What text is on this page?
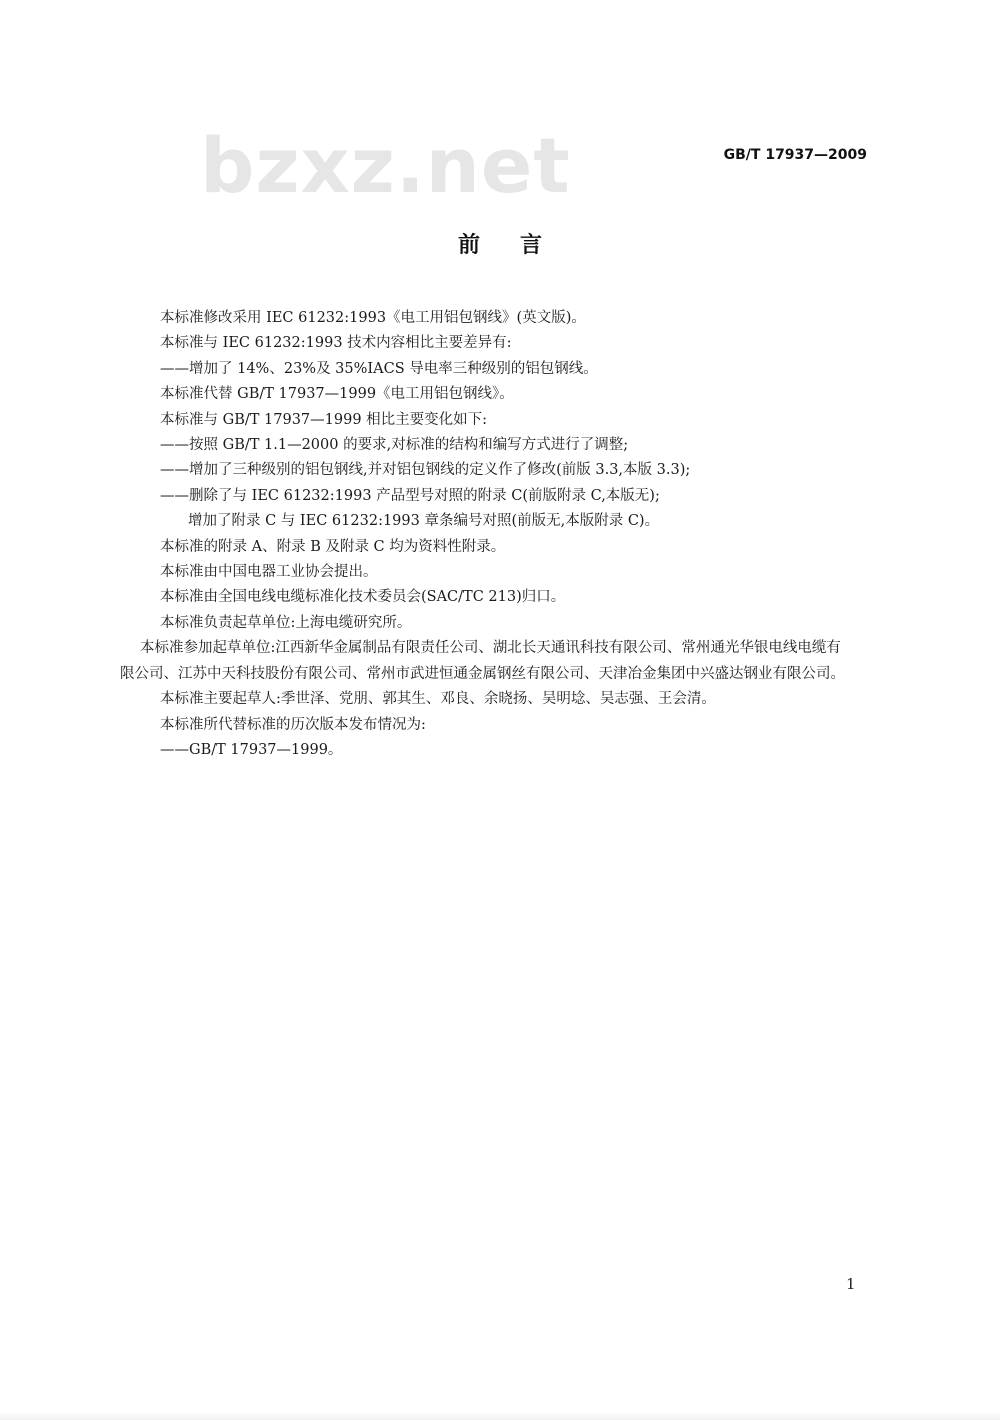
bzxz.net	GB/T 17937—2009
前言

本标准修改采用 IEC 61232:1993《电工用铝包钢线》(英文版)。

本标准与 IEC 61232:1993 技术内容相比主要差异有:

——增加了 14%、23%及 35%IACS 导电率三种级别的铝包钢线。

本标准代替 GB/T 17937—1999《电工用铝包钢线》。

本标准与 GB/T 17937—1999 相比主要变化如下:

——按照 GB/T 1.1—2000 的要求,对标准的结构和编写方式进行了调整;

——增加了三种级别的铝包钢线,并对铝包钢线的定义作了修改(前版 3.3,本版 3.3);

——删除了与 IEC 61232:1993 产品型号对照的附录 C(前版附录 C,本版无);

增加了附录 C 与 IEC 61232:1993 章条编号对照(前版无,本版附录 C)。

本标准的附录 A、附录 B 及附录 C 均为资料性附录。

本标准由中国电器工业协会提出。

本标准由全国电线电缆标准化技术委员会(SAC/TC 213)归口。

本标准负责起草单位:上海电缆研究所。

本标准参加起草单位:江西新华金属制品有限责任公司、湖北长天通讯科技有限公司、常州通光华银电线电缆有限公司、江苏中天科技股份有限公司、常州市武进恒通金属钢丝有限公司、天津冶金集团中兴盛达钢业有限公司。

本标准主要起草人:季世泽、党朋、郭其生、邓良、余晓扬、吴明埝、吴志强、王会清。

本标准所代替标准的历次版本发布情况为:

——GB/T 17937—1999。

1
